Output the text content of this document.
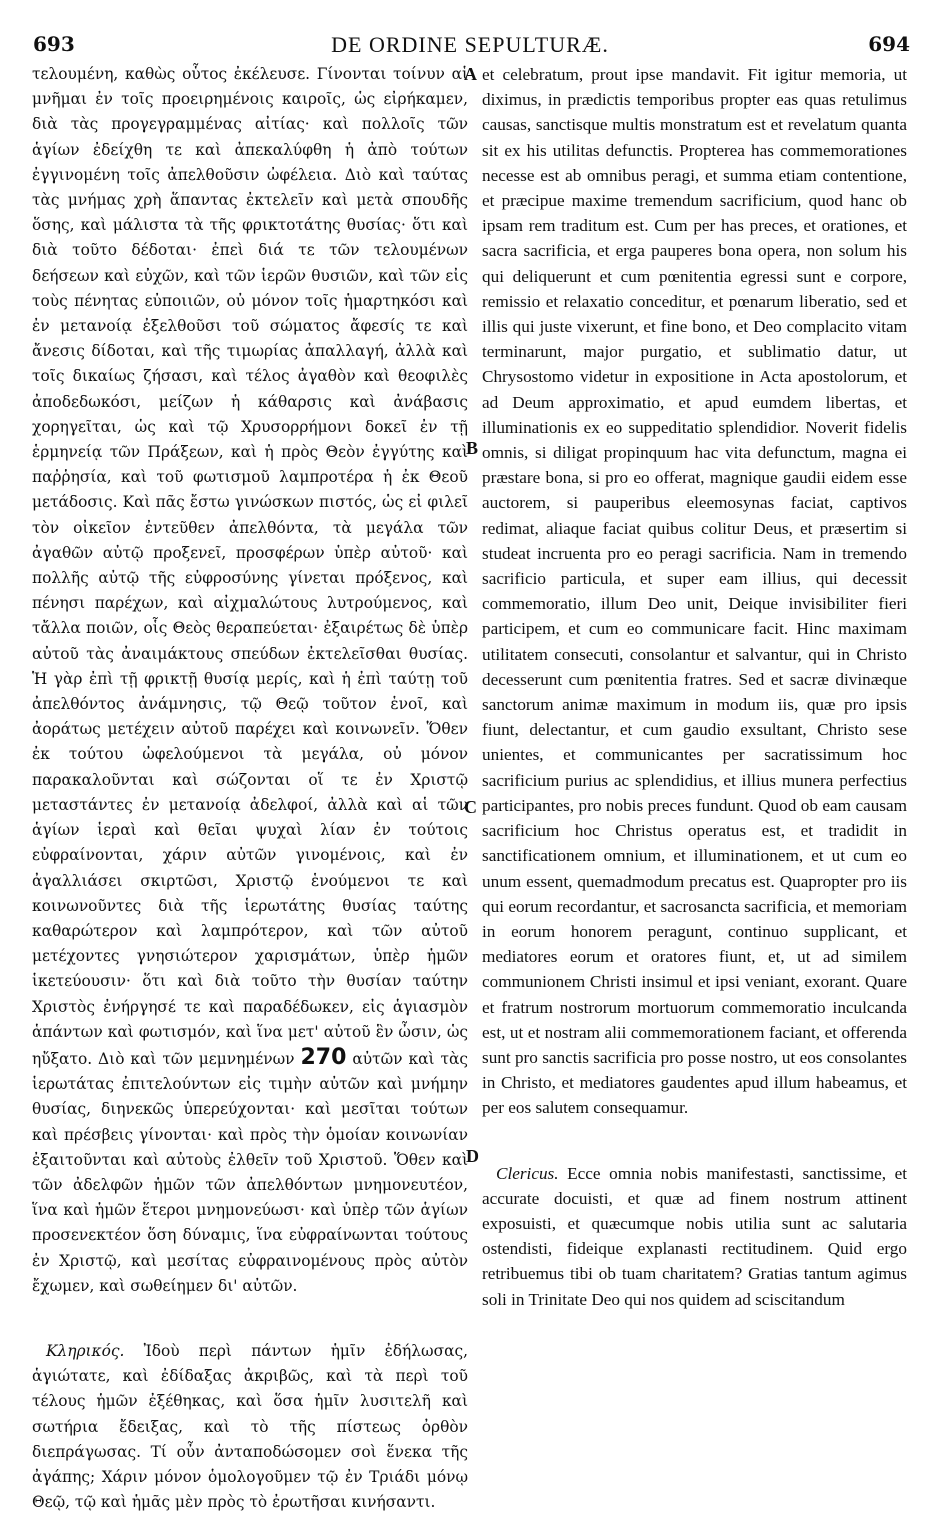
693	DE ORDINE SEPULTURÆ.	694

τελουμένη, καθὼς οὗτος ἐκέλευσε. Γίνονται τοίνυν αἱ μνῆμαι ἐν τοῖς προειρημένοις καιροῖς, ὡς εἰρήκαμεν, διὰ τὰς προγεγραμμένας αἰτίας· καὶ πολλοῖς τῶν ἁγίων ἐδείχθη τε καὶ ἀπεκαλύφθη ἡ ἀπὸ τούτων ἐγγινομένη τοῖς ἀπελθοῦσιν ὠφέλεια. Διὸ καὶ ταύτας τὰς μνήμας χρὴ ἅπαντας ἐκτελεῖν καὶ μετὰ σπουδῆς ὅσης, καὶ μάλιστα τὰ τῆς φρικτοτάτης θυσίας· ὅτι καὶ διὰ τοῦτο δέδοται· ἐπεὶ διά τε τῶν τελουμένων δεήσεων καὶ εὐχῶν, καὶ τῶν ἱερῶν θυσιῶν, καὶ τῶν εἰς τοὺς πένητας εὐποιιῶν, οὐ μόνον τοῖς ἡμαρτηκόσι καὶ ἐν μετανοίᾳ ἐξελθοῦσι τοῦ σώματος ἄφεσίς τε καὶ ἄνεσις δίδοται, καὶ τῆς τιμωρίας ἀπαλλαγή, ἀλλὰ καὶ τοῖς δικαίως ζήσασι, καὶ τέλος ἀγαθὸν καὶ θεοφιλὲς ἀποδεδωκόσι, μείζων ἡ κάθαρσις καὶ ἀνάβασις χορηγεῖται, ὡς καὶ τῷ Χρυσορρήμονι δοκεῖ ἐν τῇ ἑρμηνείᾳ τῶν Πράξεων, καὶ ἡ πρὸς Θεὸν ἐγγύτης καὶ παῤῥησία, καὶ τοῦ φωτισμοῦ λαμπροτέρα ἡ ἐκ Θεοῦ μετάδοσις. Καὶ πᾶς ἔστω γινώσκων πιστός, ὡς εἰ φιλεῖ τὸν οἰκεῖον ἐντεῦθεν ἀπελθόντα, τὰ μεγάλα τῶν ἀγαθῶν αὐτῷ προξενεῖ, προσφέρων ὑπὲρ αὐτοῦ· καὶ πολλῆς αὐτῷ τῆς εὐφροσύνης γίνεται πρόξενος, καὶ πένησι παρέχων, καὶ αἰχμαλώτους λυτρούμενος, καὶ τἄλλα ποιῶν, οἷς Θεὸς θεραπεύεται· ἐξαιρέτως δὲ ὑπὲρ αὐτοῦ τὰς ἀναιμάκτους σπεύδων ἐκτελεῖσθαι θυσίας. Ἡ γὰρ ἐπὶ τῇ φρικτῇ θυσίᾳ μερίς, καὶ ἡ ἐπὶ ταύτῃ τοῦ ἀπελθόντος ἀνάμνησις, τῷ Θεῷ τοῦτον ἑνοῖ, καὶ ἀοράτως μετέχειν αὐτοῦ παρέχει καὶ κοινωνεῖν. Ὅθεν ἐκ τούτου ὠφελούμενοι τὰ μεγάλα, οὐ μόνον παρακαλοῦνται καὶ σώζονται οἵ τε ἐν Χριστῷ μεταστάντες ἐν μετανοίᾳ ἀδελφοί, ἀλλὰ καὶ αἱ τῶν ἁγίων ἱεραὶ καὶ θεῖαι ψυχαὶ λίαν ἐν τούτοις εὐφραίνονται, χάριν αὐτῶν γινομένοις, καὶ ἐν ἀγαλλιάσει σκιρτῶσι, Χριστῷ ἑνούμενοι τε καὶ κοινωνοῦντες διὰ τῆς ἱερωτάτης θυσίας ταύτης καθαρώτερον καὶ λαμπρότερον, καὶ τῶν αὐτοῦ μετέχοντες γνησιώτερον χαρισμάτων, ὑπὲρ ἡμῶν ἱκετεύουσιν· ὅτι καὶ διὰ τοῦτο τὴν θυσίαν ταύτην Χριστὸς ἐνήργησέ τε καὶ παραδέδωκεν, εἰς ἁγιασμὸν ἁπάντων καὶ φωτισμόν, καὶ ἵνα μετ' αὐτοῦ ἓν ὦσιν, ὡς ηὔξατο. Διὸ καὶ τῶν μεμνημένων 270 αὐτῶν καὶ τὰς ἱερωτάτας ἐπιτελούντων εἰς τιμὴν αὐτῶν καὶ μνήμην θυσίας, διηνεκῶς ὑπερεύχονται· καὶ μεσῖται τούτων καὶ πρέσβεις γίνονται· καὶ πρὸς τὴν ὁμοίαν κοινωνίαν ἐξαιτοῦνται καὶ αὐτοὺς ἐλθεῖν τοῦ Χριστοῦ. Ὅθεν καὶ τῶν ἀδελφῶν ἡμῶν τῶν ἀπελθόντων μνημονευτέον, ἵνα καὶ ἡμῶν ἕτεροι μνημονεύωσι· καὶ ὑπὲρ τῶν ἁγίων προσενεκτέον ὅση δύναμις, ἵνα εὐφραίνωνται τούτους ἐν Χριστῷ, καὶ μεσίτας εὐφραινομένους πρὸς αὐτὸν ἔχωμεν, καὶ σωθείημεν δι' αὐτῶν.

Κληρικός. Ἰδοὺ περὶ πάντων ἡμῖν ἐδήλωσας, ἁγιώτατε, καὶ ἐδίδαξας ἀκριβῶς, καὶ τὰ περὶ τοῦ τέλους ἡμῶν ἐξέθηκας, καὶ ὅσα ἡμῖν λυσιτελῆ καὶ σωτήρια ἔδειξας, καὶ τὸ τῆς πίστεως ὀρθὸν διεπράγωσας. Τί οὖν ἀνταποδώσομεν σοὶ ἕνεκα τῆς ἀγάπης; Χάριν μόνον ὁμολογοῦμεν τῷ ἐν Τριάδι μόνῳ Θεῷ, τῷ καὶ ἡμᾶς μὲν πρὸς τὸ ἐρωτῆσαι κινήσαντι.

et celebratum, prout ipse mandavit. Fit igitur memoria, ut diximus, in prædictis temporibus propter eas quas retulimus causas, sanctisque multis monstratum est et revelatum quanta sit ex his utilitas defunctis. Propterea has commemorationes necesse est ab omnibus peragi, et summa etiam contentione, et præcipue maxime tremendum sacrificium, quod hanc ob ipsam rem traditum est. Cum per has preces, et orationes, et sacra sacrificia, et erga pauperes bona opera, non solum his qui deliquerunt et cum pœnitentia egressi sunt e corpore, remissio et relaxatio conceditur, et pœnarum liberatio, sed et illis qui juste vixerunt, et fine bono, et Deo complacito vitam terminarunt, major purgatio, et sublimatio datur, ut Chrysostomo videtur in expositione in Acta apostolorum, et ad Deum approximatio, et apud eumdem libertas, et illuminationis ex eo suppeditatio splendidior. Noverit fidelis omnis, si diligat propinquum hac vita defunctum, magna ei præstare bona, si pro eo offerat, magnique gaudii eidem esse auctorem, si pauperibus eleemosynas faciat, captivos redimat, aliaque faciat quibus colitur Deus, et præsertim si studeat incruenta pro eo peragi sacrificia. Nam in tremendo sacrificio particula, et super eam illius, qui decessit commemoratio, illum Deo unit, Deique invisibiliter fieri participem, et cum eo communicare facit. Hinc maximam utilitatem consecuti, consolantur et salvantur, qui in Christo decesserunt cum pœnitentia fratres. Sed et sacræ divinæque sanctorum animæ maximum in modum iis, quæ pro ipsis fiunt, delectantur, et cum gaudio exsultant, Christo sese unientes, et communicantes per sacratissimum hoc sacrificium purius ac splendidius, et illius munera perfectius participantes, pro nobis preces fundunt. Quod ob eam causam sacrificium hoc Christus operatus est, et tradidit in sanctificationem omnium, et illuminationem, et ut cum eo unum essent, quemadmodum precatus est. Quapropter pro iis qui eorum recordantur, et sacrosancta sacrificia, et memoriam in eorum honorem peragunt, continuo supplicant, et mediatores eorum et oratores fiunt, et, ut ad similem communionem Christi insimul et ipsi veniant, exorant. Quare et fratrum nostrorum mortuorum commemoratio inculcanda est, ut et nostram alii commemorationem faciant, et offerenda sunt pro sanctis sacrificia pro posse nostro, ut eos consolantes in Christo, et mediatores gaudentes apud illum habeamus, et per eos salutem consequamur.

Clericus. Ecce omnia nobis manifestasti, sanctissime, et accurate docuisti, et quæ ad finem nostrum attinent exposuisti, et quæcumque nobis utilia sunt ac salutaria ostendisti, fideique explanasti rectitudinem. Quid ergo retribuemus tibi ob tuam charitatem? Gratias tantum agimus soli in Trinitate Deo qui nos quidem ad sciscitandum

A
B
C
D
